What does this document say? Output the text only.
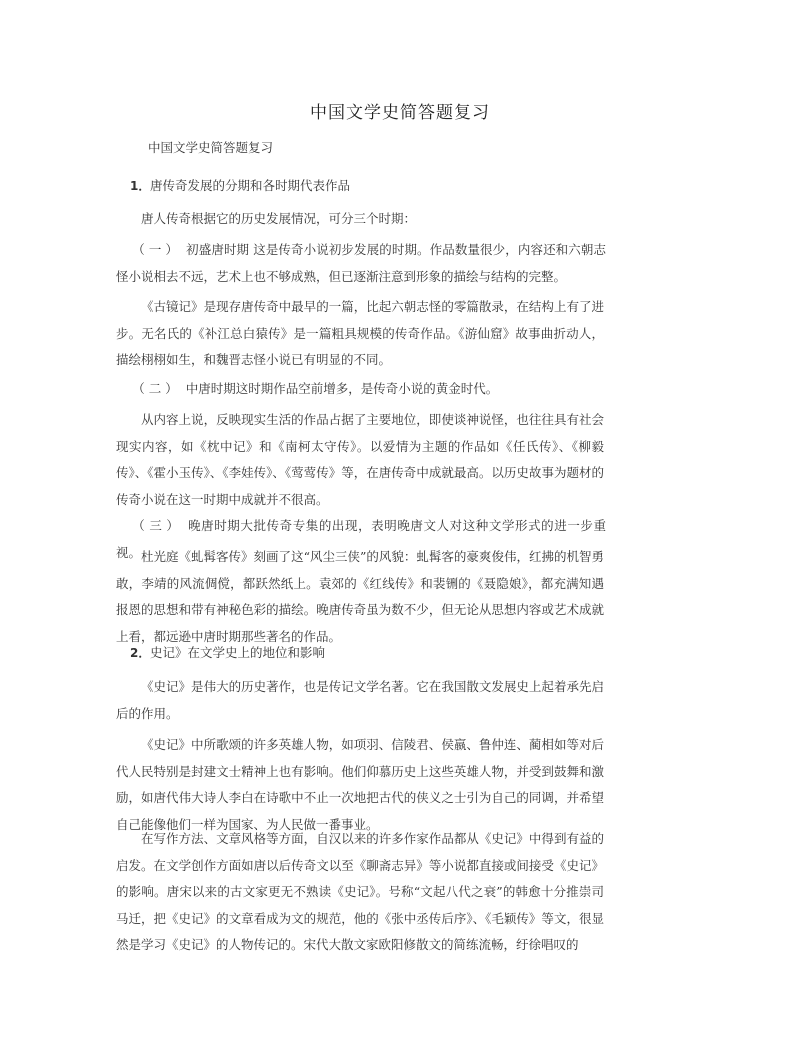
中国文学史简答题复习
中国文学史简答题复习
1．唐传奇发展的分期和各时期代表作品
唐人传奇根据它的历史发展情况，可分三个时期：
（一） 初盛唐时期 这是传奇小说初步发展的时期。作品数量很少，内容还和六朝志怪小说相去不远，艺术上也不够成熟，但已逐渐注意到形象的描绘与结构的完整。
《古镜记》是现存唐传奇中最早的一篇，比起六朝志怪的零篇散录，在结构上有了进步。无名氏的《补江总白猿传》是一篇粗具规模的传奇作品。《游仙窟》故事曲折动人，描绘栩栩如生，和魏晋志怪小说已有明显的不同。
（二） 中唐时期这时期作品空前增多，是传奇小说的黄金时代。
从内容上说，反映现实生活的作品占据了主要地位，即使谈神说怪，也往往具有社会现实内容，如《枕中记》和《南柯太守传》。以爱情为主题的作品如《任氏传》、《柳毅传》、《霍小玉传》、《李娃传》、《莺莺传》等，在唐传奇中成就最高。以历史故事为题材的传奇小说在这一时期中成就并不很高。
（三） 晚唐时期大批传奇专集的出现，表明晚唐文人对这种文学形式的进一步重视。 杜光庭《虬髯客传》刻画了这“风尘三侠”的风貌：虬髯客的豪爽俊伟，红拂的机智勇敢，李靖的风流倜傥，都跃然纸上。袁郊的《红线传》和裴铏的《聂隐娘》，都充满知遇报恩的思想和带有神秘色彩的描绘。晚唐传奇虽为数不少，但无论从思想内容或艺术成就上看，都远逊中唐时期那些著名的作品。
2．史记》在文学史上的地位和影响
《史记》是伟大的历史著作，也是传记文学名著。它在我国散文发展史上起着承先启后的作用。
《史记》中所歌颂的许多英雄人物，如项羽、信陵君、侯嬴、鲁仲连、蔺相如等对后代人民特别是封建文士精神上也有影响。他们仰慕历史上这些英雄人物，并受到鼓舞和激励，如唐代伟大诗人李白在诗歌中不止一次地把古代的侠义之士引为自己的同调，并希望自己能像他们一样为国家、为人民做一番事业。
在写作方法、文章风格等方面，自汉以来的许多作家作品都从《史记》中得到有益的启发。在文学创作方面如唐以后传奇文以至《聊斋志异》等小说都直接或间接受《史记》的影响。唐宋以来的古文家更无不熟读《史记》。号称“文起八代之衰”的韩愈十分推崇司马迁，把《史记》的文章看成为文的规范，他的《张中丞传后序》、《毛颖传》等文，很显然是学习《史记》的人物传记的。宋代大散文家欧阳修散文的简练流畅，纡徐唱叹的
